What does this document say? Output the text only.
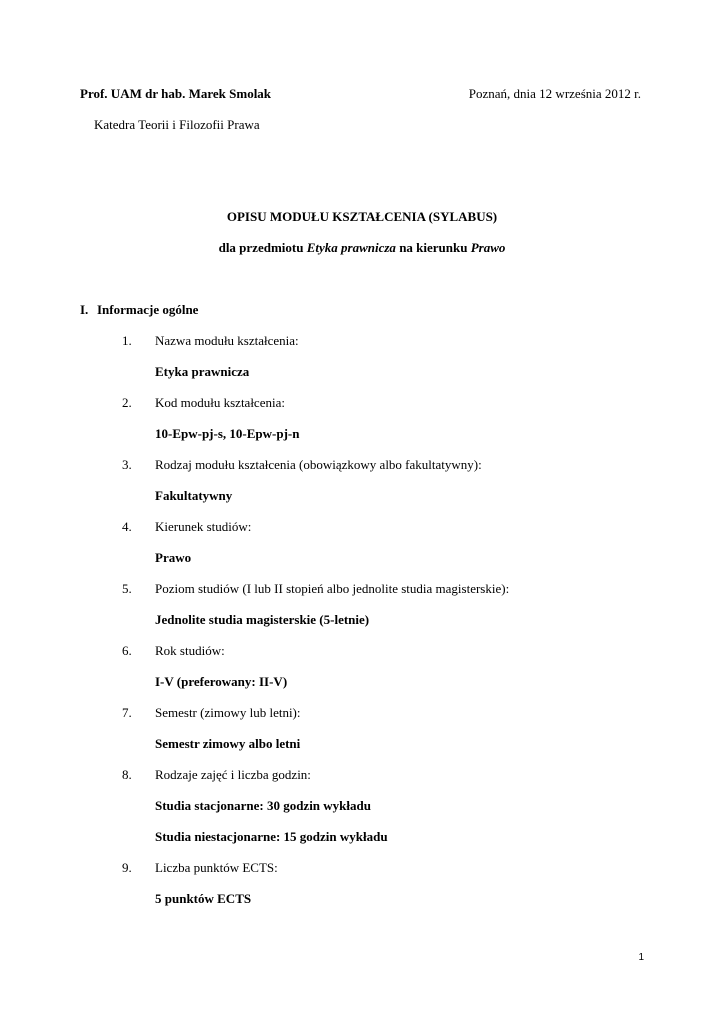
Prof. UAM dr hab. Marek Smolak	Poznań, dnia 12 września 2012 r.
Katedra Teorii i Filozofii Prawa
OPISU MODUŁU KSZTAŁCENIA (SYLABUS)
dla przedmiotu Etyka prawnicza na kierunku Prawo
I. Informacje ogólne
1. Nazwa modułu kształcenia:
Etyka prawnicza
2. Kod modułu kształcenia:
10-Epw-pj-s, 10-Epw-pj-n
3. Rodzaj modułu kształcenia (obowiązkowy albo fakultatywny):
Fakultatywny
4. Kierunek studiów:
Prawo
5. Poziom studiów (I lub II stopień albo jednolite studia magisterskie):
Jednolite studia magisterskie (5-letnie)
6. Rok studiów:
I-V (preferowany: II-V)
7. Semestr (zimowy lub letni):
Semestr zimowy albo letni
8. Rodzaje zajęć i liczba godzin:
Studia stacjonarne: 30 godzin wykładu
Studia niestacjonarne: 15 godzin wykładu
9. Liczba punktów ECTS:
5 punktów ECTS
1
